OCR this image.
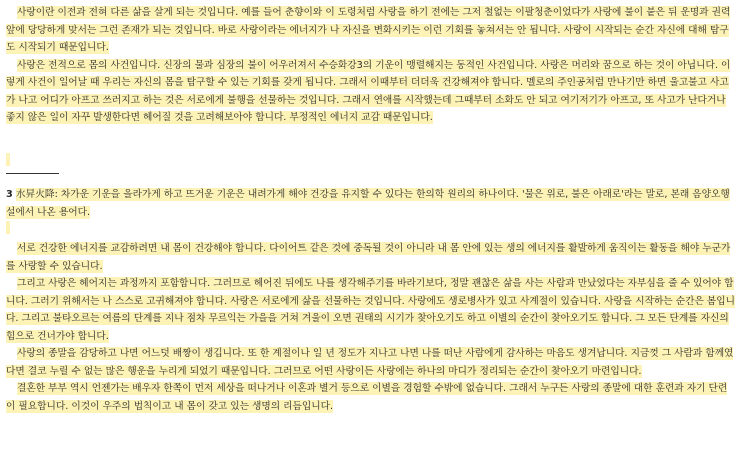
사랑이란 이전과 전혀 다른 삶을 살게 되는 것입니다. 예를 들어 춘향이와 이 도령처럼 사랑을 하기 전에는 그저 철없는 이팔청춘이었다가 사랑에 불이 붙은 뒤 운명과 권력 앞에 당당하게 맞서는 그런 존재가 되는 것입니다. 바로 사랑이라는 에너지가 나 자신을 변화시키는 이런 기회를 놓쳐서는 안 됩니다. 사랑이 시작되는 순간 자신에 대해 탐구도 시작되기 때문입니다.

사랑은 전적으로 몸의 사건입니다. 신장의 물과 심장의 불이 어우러져서 수승화강3의 기운이 맹렬해지는 동적인 사건입니다. 사랑은 머리와 꿈으로 하는 것이 아닙니다. 이렇게 사건이 일어날 때 우리는 자신의 몸을 탐구할 수 있는 기회를 갖게 됩니다. 그래서 이때부터 더더욱 건강해져야 합니다. 멜로의 주인공처럼 만나기만 하면 울고불고 사고가 나고 어디가 아프고 쓰러지고 하는 것은 서로에게 불행을 선물하는 것입니다. 그래서 연애를 시작했는데 그때부터 소화도 안 되고 여기저기가 아프고, 또 사고가 난다거나 좋지 않은 일이 자꾸 발생한다면 헤어질 것을 고려해보아야 합니다. 부정적인 에너지 교감 때문입니다.

3 水昇火降: 차가운 기운을 올라가게 하고 뜨거운 기운은 내려가게 해야 건강을 유지할 수 있다는 한의학 원리의 하나이다. '물은 위로, 불은 아래로'라는 말로, 본래 음양오행설에서 나온 용어다.

서로 건강한 에너지를 교감하려면 내 몸이 건강해야 합니다. 다이어트 같은 것에 중독될 것이 아니라 내 몸 안에 있는 생의 에너지를 활발하게 움직이는 활동을 해야 누군가를 사랑할 수 있습니다.

그리고 사랑은 헤어지는 과정까지 포함합니다. 그러므로 헤어진 뒤에도 나를 생각해주기를 바라기보다, 정말 괜찮은 삶을 사는 사람과 만났었다는 자부심을 줄 수 있어야 합니다. 그러기 위해서는 나 스스로 고귀해져야 합니다. 사랑은 서로에게 삶을 선물하는 것입니다. 사랑에도 생로병사가 있고 사계절이 있습니다. 사랑을 시작하는 순간은 봄입니다. 그리고 불타오르는 여름의 단계를 지나 점차 무르익는 가을을 거쳐 겨울이 오면 권태의 시기가 찾아오기도 하고 이별의 순간이 찾아오기도 합니다. 그 모든 단계를 자신의 힘으로 건너가야 합니다.

사랑의 종말을 감당하고 나면 어느덧 배짱이 생깁니다. 또 한 계절이나 일 년 정도가 지나고 나면 나를 떠난 사람에게 감사하는 마음도 생겨납니다. 지금껏 그 사람과 함께였다면 결코 누릴 수 없는 많은 행운을 누리게 되었기 때문입니다. 그러므로 어떤 사랑이든 사랑에는 하나의 마디가 정리되는 순간이 찾아오기 마련입니다.

결혼한 부부 역시 언젠가는 배우자 한쪽이 먼저 세상을 떠나거나 이혼과 별거 등으로 이별을 경험할 수밖에 없습니다. 그래서 누구든 사랑의 종말에 대한 훈련과 자기 단련이 필요합니다. 이것이 우주의 법칙이고 내 몸이 갖고 있는 생명의 리듬입니다.
